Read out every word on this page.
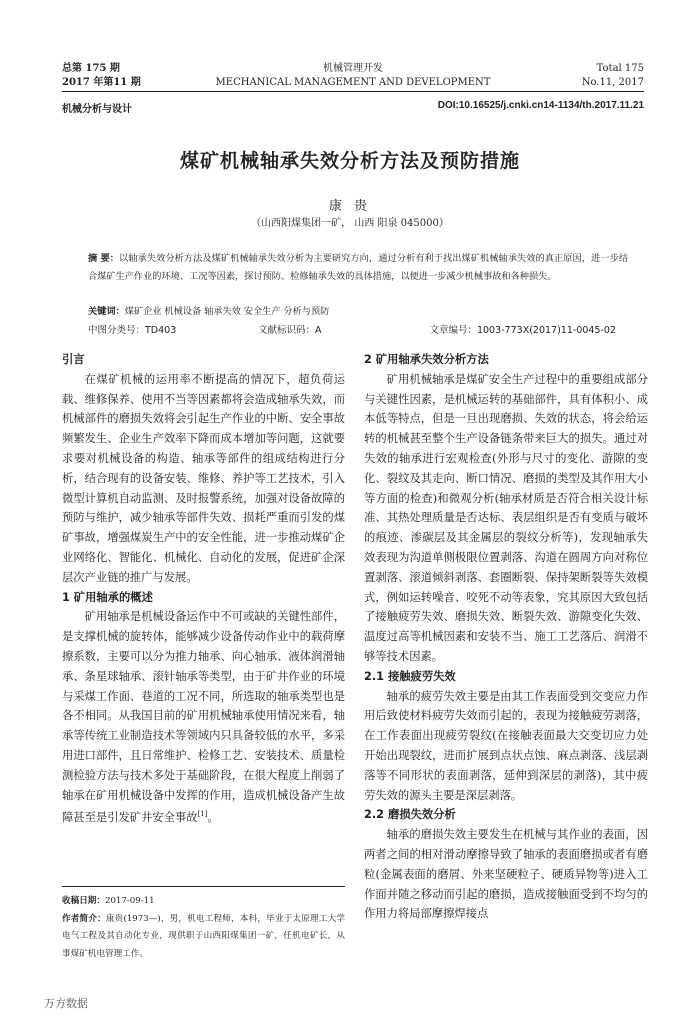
总第 175 期
2017 年第11 期
机械管理开发
MECHANICAL MANAGEMENT AND DEVELOPMENT
Total 175
No.11, 2017
机械分析与设计	DOI:10.16525/j.cnki.cn14-1134/th.2017.11.21
煤矿机械轴承失效分析方法及预防措施
康 贵
（山西阳煤集团一矿， 山西 阳泉 045000）
摘 要：以轴承失效分析方法及煤矿机械轴承失效分析为主要研究方向，通过分析有利于找出煤矿机械轴承失效的真正原因，进一步结合煤矿生产作业的环境、工况等因素，探讨预防、检修轴承失效的具体措施，以便进一步减少机械事故和各种损失。
关键词：煤矿企业 机械设备 轴承失效 安全生产 分析与预防
中图分类号：TD403	文献标识码：A	文章编号：1003-773X(2017)11-0045-02
引言

在煤矿机械的运用率不断提高的情况下，超负荷运载、维修保养、使用不当等因素都将会造成轴承失效，而机械部件的磨损失效将会引起生产作业的中断、安全事故频繁发生、企业生产效率下降而成本增加等问题，这就要求要对机械设备的构造、轴承等部件的组成结构进行分析，结合现有的设备安装、维修、养护等工艺技术，引入微型计算机自动监测、及时报警系统，加强对设备故障的预防与维护，减少轴承等部件失效、损耗严重而引发的煤矿事故，增强煤炭生产中的安全性能，进一步推动煤矿企业网络化、智能化、机械化、自动化的发展，促进矿企深层次产业链的推广与发展。

1 矿用轴承的概述

矿用轴承是机械设备运作中不可或缺的关键性部件，是支撑机械的旋转体，能够减少设备传动作业中的载荷摩擦系数，主要可以分为推力轴承、向心轴承、液体润滑轴承、条星球轴承、滚针轴承等类型，由于矿井作业的环境与采煤工作面、巷道的工况不同，所选取的轴承类型也是各不相同。从我国目前的矿用机械轴承使用情况来看，轴承等传统工业制造技术等领域内只具备较低的水平，多采用进口部件，且日常维护、检修工艺、安装技术、质量检测检验方法与技术多处于基础阶段，在很大程度上削弱了轴承在矿用机械设备中发挥的作用，造成机械设备产生故障甚至是引发矿井安全事故[1]。

收稿日期：2017-09-11
作者简介：康贵(1973—)，男，机电工程师，本科，毕业于太原理工大学电气工程及其自动化专业，现供职于山西阳煤集团一矿，任机电矿长，从事煤矿机电管理工作。
2 矿用轴承失效分析方法

矿用机械轴承是煤矿安全生产过程中的重要组成部分与关键性因素，是机械运转的基础部件，具有体积小、成本低等特点，但是一旦出现磨损、失效的状态，将会给运转的机械甚至整个生产设备链条带来巨大的损失。通过对失效的轴承进行宏观检查(外形与尺寸的变化、游隙的变化、裂纹及其走向、断口情况、磨损的类型及其作用大小等方面的检查)和微观分析(轴承材质是否符合相关设计标准、其热处理质量是否达标、表层组织是否有变质与破坏的痕迹、渗碳层及其金属层的裂纹分析等)，发现轴承失效表现为沟道单侧极限位置剥落、沟道在圆周方向对称位置剥落、滚道倾斜剥落、套圈断裂、保持架断裂等失效模式，例如运转噪音、咬死不动等表象，究其原因大致包括了接触疲劳失效、磨损失效、断裂失效、游隙变化失效、温度过高等机械因素和安装不当、施工工艺落后、润滑不够等技术因素。

2.1 接触疲劳失效

轴承的疲劳失效主要是由其工作表面受到交变应力作用后致使材料疲劳失效而引起的，表现为接触疲劳剥落，在工作表面出现疲劳裂纹(在接触表面最大交变切应力处开始出现裂纹，进而扩展到点状点蚀、麻点剥落、浅层剥落等不同形状的表面剥落，延伸到深层的剥落)，其中疲劳失效的源头主要是深层剥落。

2.2 磨损失效分析

轴承的磨损失效主要发生在机械与其作业的表面，因两者之间的相对滑动摩擦导致了轴承的表面磨损或者有磨粒(金属表面的磨屑、外来坚硬粒子、硬质异物等)进入工作面并随之移动而引起的磨损，造成接触面受到不均匀的作用力将局部摩擦焊接点

万方数据
